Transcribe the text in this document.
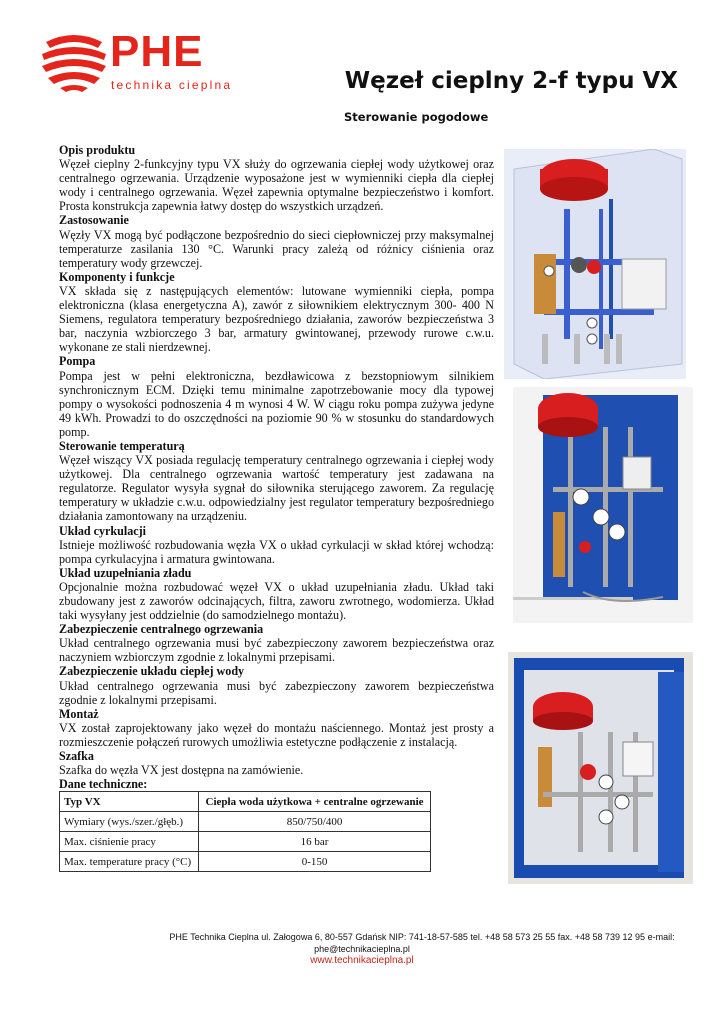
PHE
technika cieplna	Węzeł cieplny 2-f typu VX
Sterowanie pogodowe
Opis produktu

Węzeł cieplny 2-funkcyjny typu VX służy do ogrzewania ciepłej wody użytkowej oraz centralnego ogrzewania. Urządzenie wyposażone jest w wymienniki ciepła dla ciepłej wody i centralnego ogrzewania. Węzeł zapewnia optymalne bezpieczeństwo i komfort. Prosta konstrukcja zapewnia łatwy dostęp do wszystkich urządzeń.

Zastosowanie

Węzły VX mogą być podłączone bezpośrednio do sieci ciepłowniczej przy maksymalnej temperaturze zasilania 130 °C. Warunki pracy zależą od różnicy ciśnienia oraz temperatury wody grzewczej.

Komponenty i funkcje

VX składa się z następujących elementów: lutowane wymienniki ciepła, pompa elektroniczna (klasa energetyczna A), zawór z siłownikiem elektrycznym 300- 400 N Siemens, regulatora temperatury bezpośredniego działania, zaworów bezpieczeństwa 3 bar, naczynia wzbiorczego 3 bar, armatury gwintowanej, przewody rurowe c.w.u. wykonane ze stali nierdzewnej.

Pompa

Pompa jest w pełni elektroniczna, bezdławicowa z bezstopniowym silnikiem synchronicznym ECM. Dzięki temu minimalne zapotrzebowanie mocy dla typowej pompy o wysokości podnoszenia 4 m wynosi 4 W. W ciągu roku pompa zużywa jedyne 49 kWh. Prowadzi to do oszczędności na poziomie 90 % w stosunku do standardowych pomp.

Sterowanie temperaturą

Węzeł wiszący VX posiada regulację temperatury centralnego ogrzewania i ciepłej wody użytkowej. Dla centralnego ogrzewania wartość temperatury jest zadawana na regulatorze. Regulator wysyła sygnał do siłownika sterującego zaworem. Za regulację temperatury w układzie c.w.u. odpowiedzialny jest regulator temperatury bezpośredniego działania zamontowany na urządzeniu.

Układ cyrkulacji

Istnieje możliwość rozbudowania węzła VX o układ cyrkulacji w skład której wchodzą: pompa cyrkulacyjna i armatura gwintowana.

Układ uzupełniania zładu

Opcjonalnie można rozbudować węzeł VX o układ uzupełniania zładu. Układ taki zbudowany jest z zaworów odcinających, filtra, zaworu zwrotnego, wodomierza. Układ taki wysyłany jest oddzielnie (do samodzielnego montażu).

Zabezpieczenie centralnego ogrzewania

Układ centralnego ogrzewania musi być zabezpieczony zaworem bezpieczeństwa oraz naczyniem wzbiorczym zgodnie z lokalnymi przepisami.

Zabezpieczenie układu ciepłej wody

Układ centralnego ogrzewania musi być zabezpieczony zaworem bezpieczeństwa zgodnie z lokalnymi przepisami.

Montaż

VX został zaprojektowany jako węzeł do montażu naściennego. Montaż jest prosty a rozmieszczenie połączeń rurowych umożliwia estetyczne podłączenie z instalacją.

Szafka

Szafka do węzła VX jest dostępna na zamówienie.

Dane techniczne:
Typ VX	Ciepła woda użytkowa + centralne ogrzewanie
Wymiary (wys./szer./głęb.)	850/750/400
Max. ciśnienie pracy	16 bar
Max. temperature pracy (°C)	0-150
PHE Technika Cieplna ul. Załogowa 6, 80-557 Gdańsk NIP: 741-18-57-585 tel. +48 58 573 25 55 fax. +48 58 739 12 95 e-mail:
phe@technikacieplna.pl
www.technikacieplna.pl
